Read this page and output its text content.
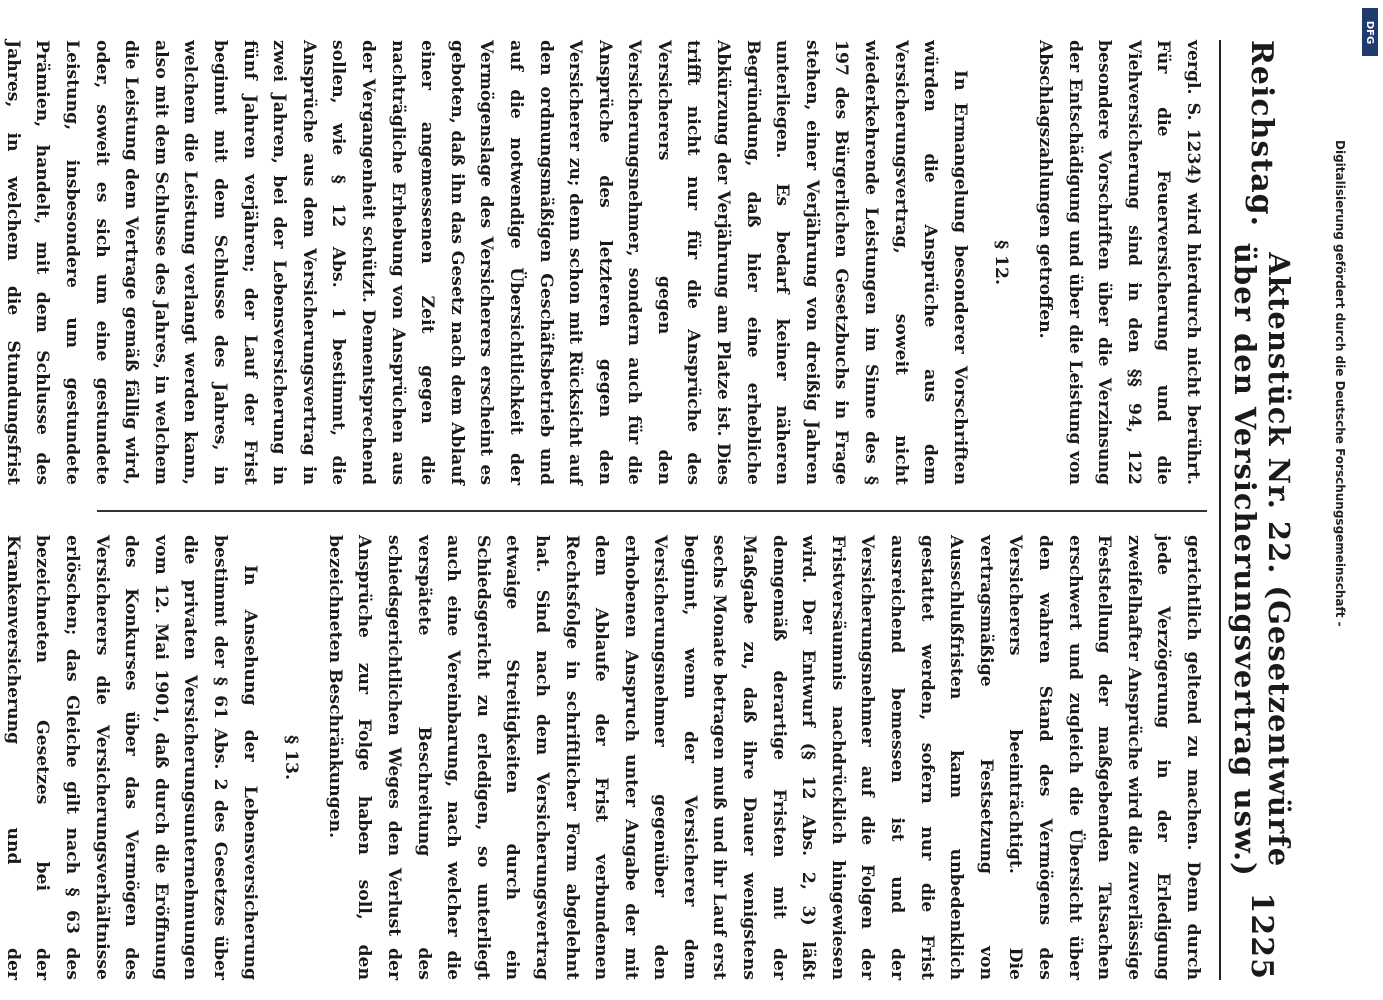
Reichstag.
Aktenstück Nr. 22. (Gesetzentwürfe über den Versicherungsvertrag usw.)
1225

vergl. S. 1234) wird hierdurch nicht berührt. Für die Feuerversicherung und die Viehversicherung sind in den §§ 94, 122 besondere Vorschriften über die Verzinsung der Entschädigung und über die Leistung von Abschlagszahlungen getroffen.

§ 12.

In Ermangelung besonderer Vorschriften würden die Ansprüche aus dem Versicherungsvertrag, soweit nicht wiederkehrende Leistungen im Sinne des § 197 des Bürgerlichen Gesetzbuchs in Frage stehen, einer Verjährung von dreißig Jahren unterliegen. Es bedarf keiner näheren Begründung, daß hier eine erhebliche Abkürzung der Verjährung am Platze ist. Dies trifft nicht nur für die Ansprüche des Versicherers gegen den Versicherungsnehmer, sondern auch für die Ansprüche des letzteren gegen den Versicherer zu; denn schon mit Rücksicht auf den ordnungsmäßigen Geschäftsbetrieb und auf die notwendige Übersichtlichkeit der Vermögenslage des Versicherers erscheint es geboten, daß ihn das Gesetz nach dem Ablauf einer angemessenen Zeit gegen die nachträgliche Erhebung von Ansprüchen aus der Vergangenheit schützt. Dementsprechend sollen, wie § 12 Abs. 1 bestimmt, die Ansprüche aus dem Versicherungsvertrag in zwei Jahren, bei der Lebensversicherung in fünf Jahren verjähren; der Lauf der Frist beginnt mit dem Schlusse des Jahres, in welchem die Leistung verlangt werden kann, also mit dem Schlusse des Jahres, in welchem die Leistung dem Vertrage gemäß fällig wird, oder, soweit es sich um eine gestundete Leistung, insbesondere um gestundete Prämien, handelt, mit dem Schlusse des Jahres, in welchem die Stundungsfrist

gerichtlich geltend zu machen. Denn durch jede Verzögerung in der Erledigung zweifelhafter Ansprüche wird die zuverlässige Feststellung der maßgebenden Tatsachen erschwert und zugleich die Übersicht über den wahren Stand des Vermögens des Versicherers beeinträchtigt. Die vertragsmäßige Festsetzung von Ausschlußfristen kann unbedenklich gestattet werden, sofern nur die Frist ausreichend bemessen ist und der Versicherungsnehmer auf die Folgen der Fristversäumnis nachdrücklich hingewiesen wird. Der Entwurf (§ 12 Abs. 2, 3) läßt demgemäß derartige Fristen mit der Maßgabe zu, daß ihre Dauer wenigstens sechs Monate betragen muß und ihr Lauf erst beginnt, wenn der Versicherer dem Versicherungsnehmer gegenüber den erhobenen Anspruch unter Angabe der mit dem Ablaufe der Frist verbundenen Rechtsfolge in schriftlicher Form abgelehnt hat. Sind nach dem Versicherungsvertrag etwaige Streitigkeiten durch ein Schiedsgericht zu erledigen, so unterliegt auch eine Vereinbarung, nach welcher die verspätete Beschreitung des schiedsgerichtlichen Weges den Verlust der Ansprüche zur Folge haben soll, den bezeichneten Beschränkungen.

§ 13.

In Ansehung der Lebensversicherung bestimmt der § 61 Abs. 2 des Gesetzes über die privaten Versicherungsunternehmungen vom 12. Mai 1901, daß durch die Eröffnung des Konkurses über das Vermögen des Versicherers die Versicherungsverhältnisse erlöschen; das Gleiche gilt nach § 63 des bezeichneten Gesetzes bei der Krankenversicherung und der

Digitalisierung gefördert durch die Deutsche Forschungsgemeinschaft -
DFG
